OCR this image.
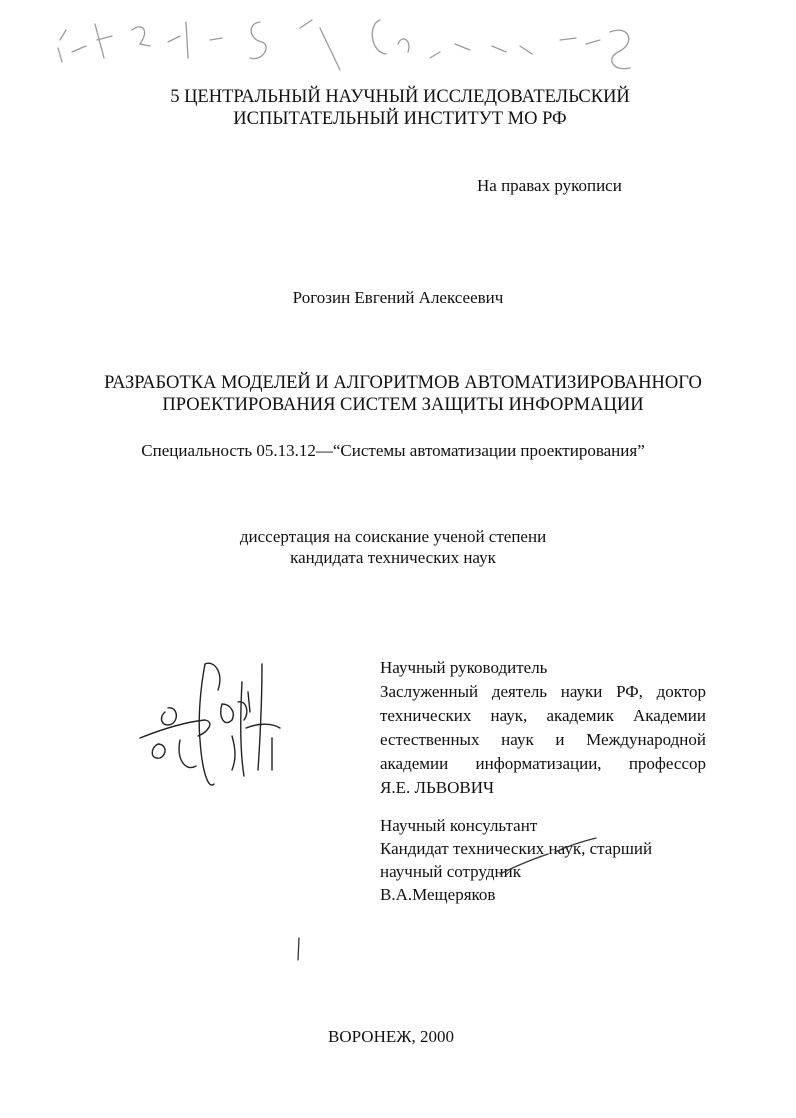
5 ЦЕНТРАЛЬНЫЙ НАУЧНЫЙ ИССЛЕДОВАТЕЛЬСКИЙ
ИСПЫТАТЕЛЬНЫЙ ИНСТИТУТ МО РФ
На правах рукописи
Рогозин Евгений Алексеевич
РАЗРАБОТКА МОДЕЛЕЙ И АЛГОРИТМОВ АВТОМАТИЗИРОВАННОГО
ПРОЕКТИРОВАНИЯ СИСТЕМ ЗАЩИТЫ ИНФОРМАЦИИ
Специальность 05.13.12—“Системы автоматизации проектирования”
диссертация на соискание ученой степени
кандидата технических наук
Научный руководитель
Заслуженный деятель науки РФ, доктор
технических наук, академик Академии
естественных наук и Международной
академии информатизации, профессор
Я.Е. ЛЬВОВИЧ
Научный консультант
Кандидат технических наук, старший
научный сотрудник
В.А.Мещеряков
ВОРОНЕЖ, 2000
